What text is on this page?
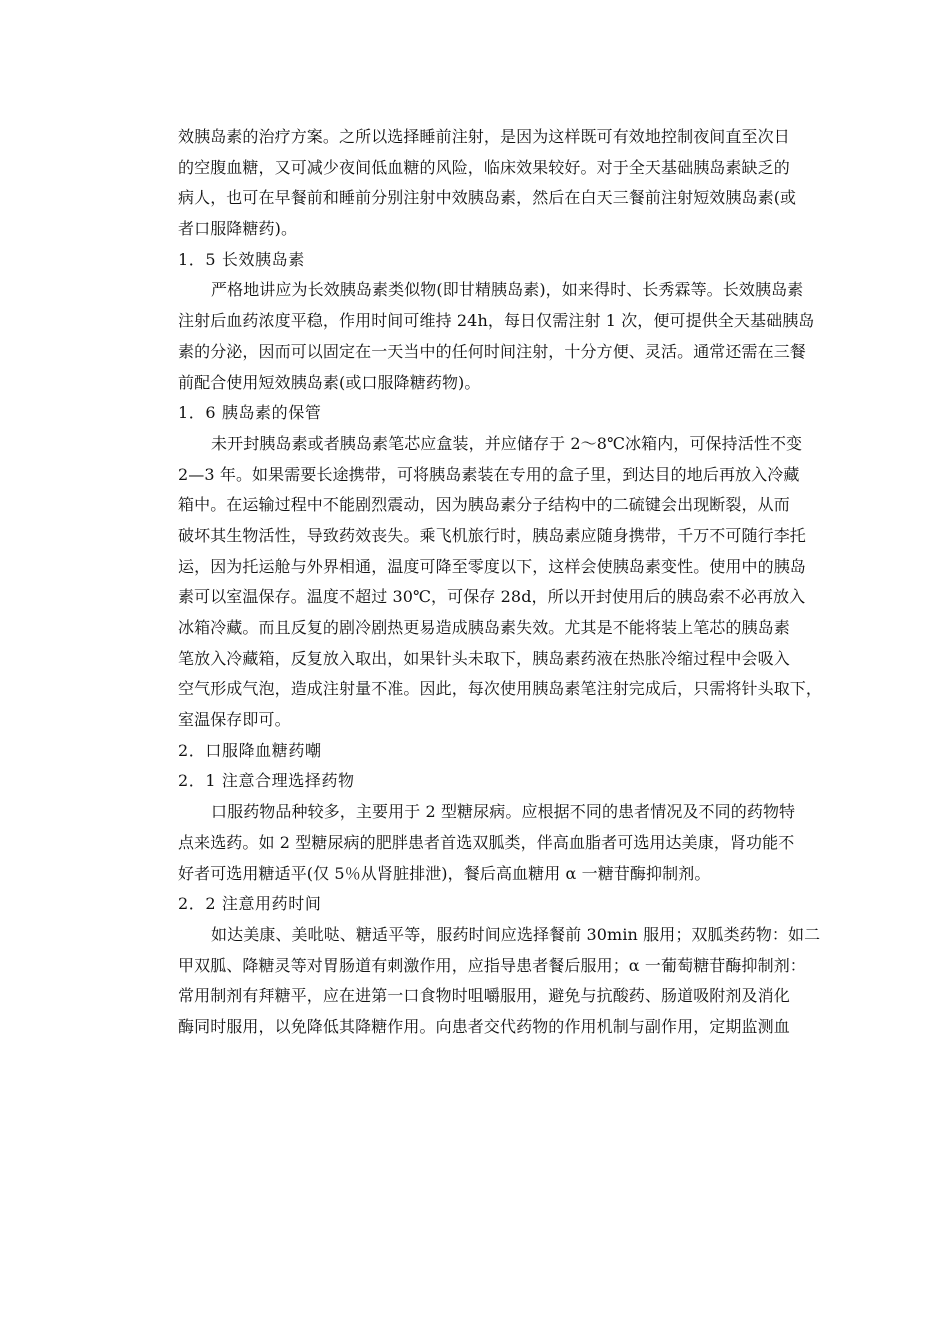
效胰岛素的治疗方案。之所以选择睡前注射，是因为这样既可有效地控制夜间直至次日
的空腹血糖，又可减少夜间低血糖的风险，临床效果较好。对于全天基础胰岛素缺乏的
病人，也可在早餐前和睡前分别注射中效胰岛素，然后在白天三餐前注射短效胰岛素(或
者口服降糖药)。
1．5 长效胰岛素
严格地讲应为长效胰岛素类似物(即甘精胰岛素)，如来得时、长秀霖等。长效胰岛素
注射后血药浓度平稳，作用时间可维持 24h，每日仅需注射 1 次，便可提供全天基础胰岛
素的分泌，因而可以固定在一天当中的任何时间注射，十分方便、灵活。通常还需在三餐
前配合使用短效胰岛素(或口服降糖药物)。
1．6 胰岛素的保管
未开封胰岛素或者胰岛素笔芯应盒装，并应储存于 2～8℃冰箱内，可保持活性不变
2—3 年。如果需要长途携带，可将胰岛素装在专用的盒子里，到达目的地后再放入冷藏
箱中。在运输过程中不能剧烈震动，因为胰岛素分子结构中的二硫键会出现断裂，从而
破坏其生物活性，导致药效丧失。乘飞机旅行时，胰岛素应随身携带，千万不可随行李托
运，因为托运舱与外界相通，温度可降至零度以下，这样会使胰岛素变性。使用中的胰岛
素可以室温保存。温度不超过 30℃，可保存 28d，所以开封使用后的胰岛索不必再放入
冰箱冷藏。而且反复的剧冷剧热更易造成胰岛素失效。尤其是不能将装上笔芯的胰岛素
笔放入冷藏箱，反复放入取出，如果针头未取下，胰岛素药液在热胀冷缩过程中会吸入
空气形成气泡，造成注射量不准。因此，每次使用胰岛素笔注射完成后，只需将针头取下，
室温保存即可。
2．口服降血糖药嘲
2．1 注意合理选择药物
口服药物品种较多，主要用于 2 型糖尿病。应根据不同的患者情况及不同的药物特
点来选药。如 2 型糖尿病的肥胖患者首选双胍类，伴高血脂者可选用达美康，肾功能不
好者可选用糖适平(仅 5％从肾脏排泄)，餐后高血糖用 α 一糖苷酶抑制剂。
2．2 注意用药时间
如达美康、美吡哒、糖适平等，服药时间应选择餐前 30min 服用；双胍类药物：如二
甲双胍、降糖灵等对胃肠道有刺激作用，应指导患者餐后服用；α 一葡萄糖苷酶抑制剂：
常用制剂有拜糖平，应在进第一口食物时咀嚼服用，避免与抗酸药、肠道吸附剂及消化
酶同时服用，以免降低其降糖作用。向患者交代药物的作用机制与副作用，定期监测血
